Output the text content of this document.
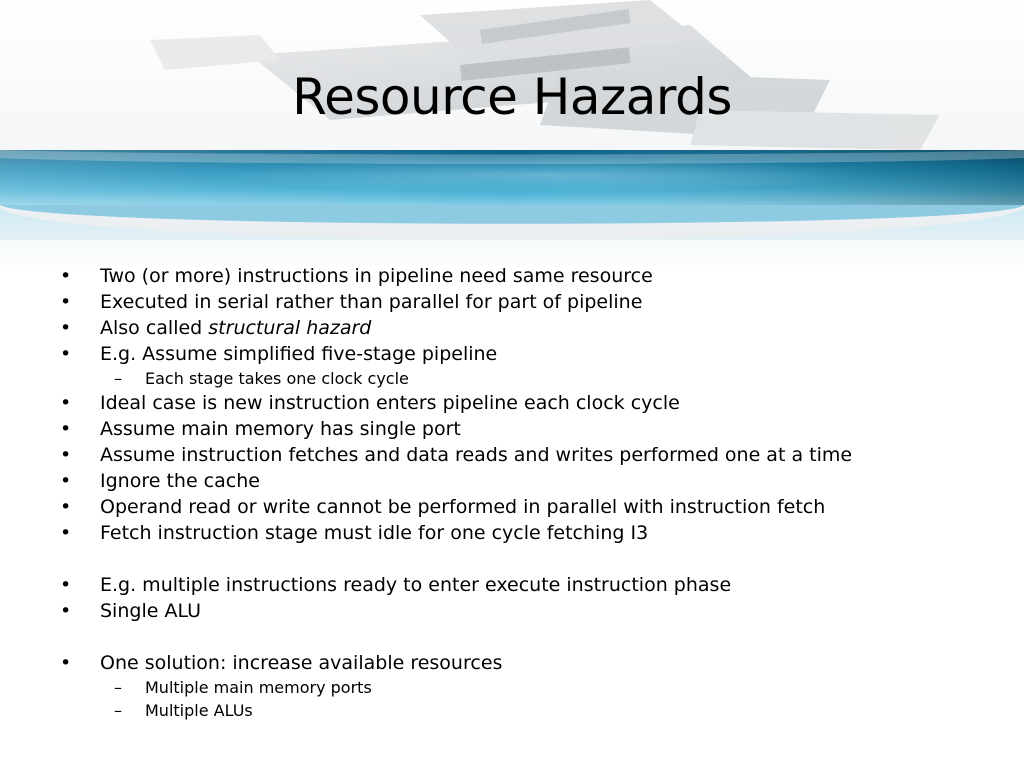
Resource Hazards
• Two (or more) instructions in pipeline need same resource
• Executed in serial rather than parallel for part of pipeline
• Also called structural hazard
• E.g. Assume simplified five-stage pipeline
– Each stage takes one clock cycle
• Ideal case is new instruction enters pipeline each clock cycle
• Assume main memory has single port
• Assume instruction fetches and data reads and writes performed one at a time
• Ignore the cache
• Operand read or write cannot be performed in parallel with instruction fetch
• Fetch instruction stage must idle for one cycle fetching I3
• E.g. multiple instructions ready to enter execute instruction phase
• Single ALU
• One solution: increase available resources
– Multiple main memory ports
– Multiple ALUs
